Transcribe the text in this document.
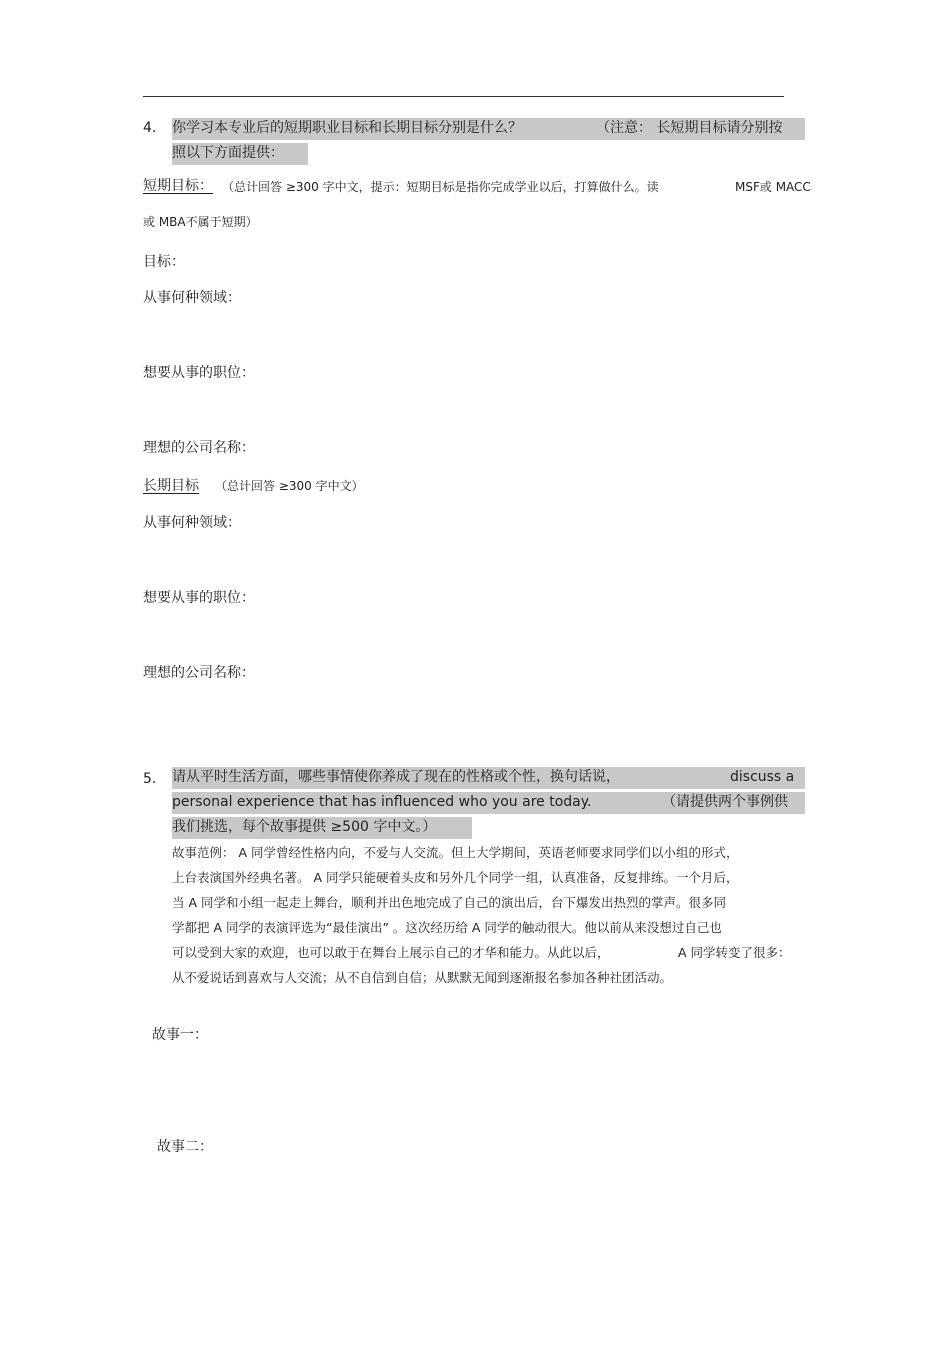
4. 你学习本专业后的短期职业目标和长期目标分别是什么？	（注意： 长短期目标请分别按
照以下方面提供：
短期目标： （总计回答 ≥300 字中文，提示：短期目标是指你完成学业以后，打算做什么。读	MSF或 MACC
或 MBA不属于短期）
目标：
从事何种领域：
想要从事的职位：
理想的公司名称：
长期目标 （总计回答 ≥300 字中文）
从事何种领域：
想要从事的职位：
理想的公司名称：
5. 请从平时生活方面，哪些事情使你养成了现在的性格或个性，换句话说，	discuss a
personal experience that has influenced who you are today.	（请提供两个事例供
我们挑选，每个故事提供 ≥500 字中文。）
故事范例： A 同学曾经性格内向，不爱与人交流。但上大学期间，英语老师要求同学们以小组的形式，
上台表演国外经典名著。 A 同学只能硬着头皮和另外几个同学一组，认真准备，反复排练。一个月后，
当 A 同学和小组一起走上舞台，顺利并出色地完成了自己的演出后，台下爆发出热烈的掌声。很多同
学都把 A 同学的表演评选为“最佳演出” 。这次经历给 A 同学的触动很大。他以前从来没想过自己也
可以受到大家的欢迎，也可以敢于在舞台上展示自己的才华和能力。从此以后，	A 同学转变了很多：
从不爱说话到喜欢与人交流；从不自信到自信；从默默无闻到逐渐报名参加各种社团活动。
故事一：
故事二：
